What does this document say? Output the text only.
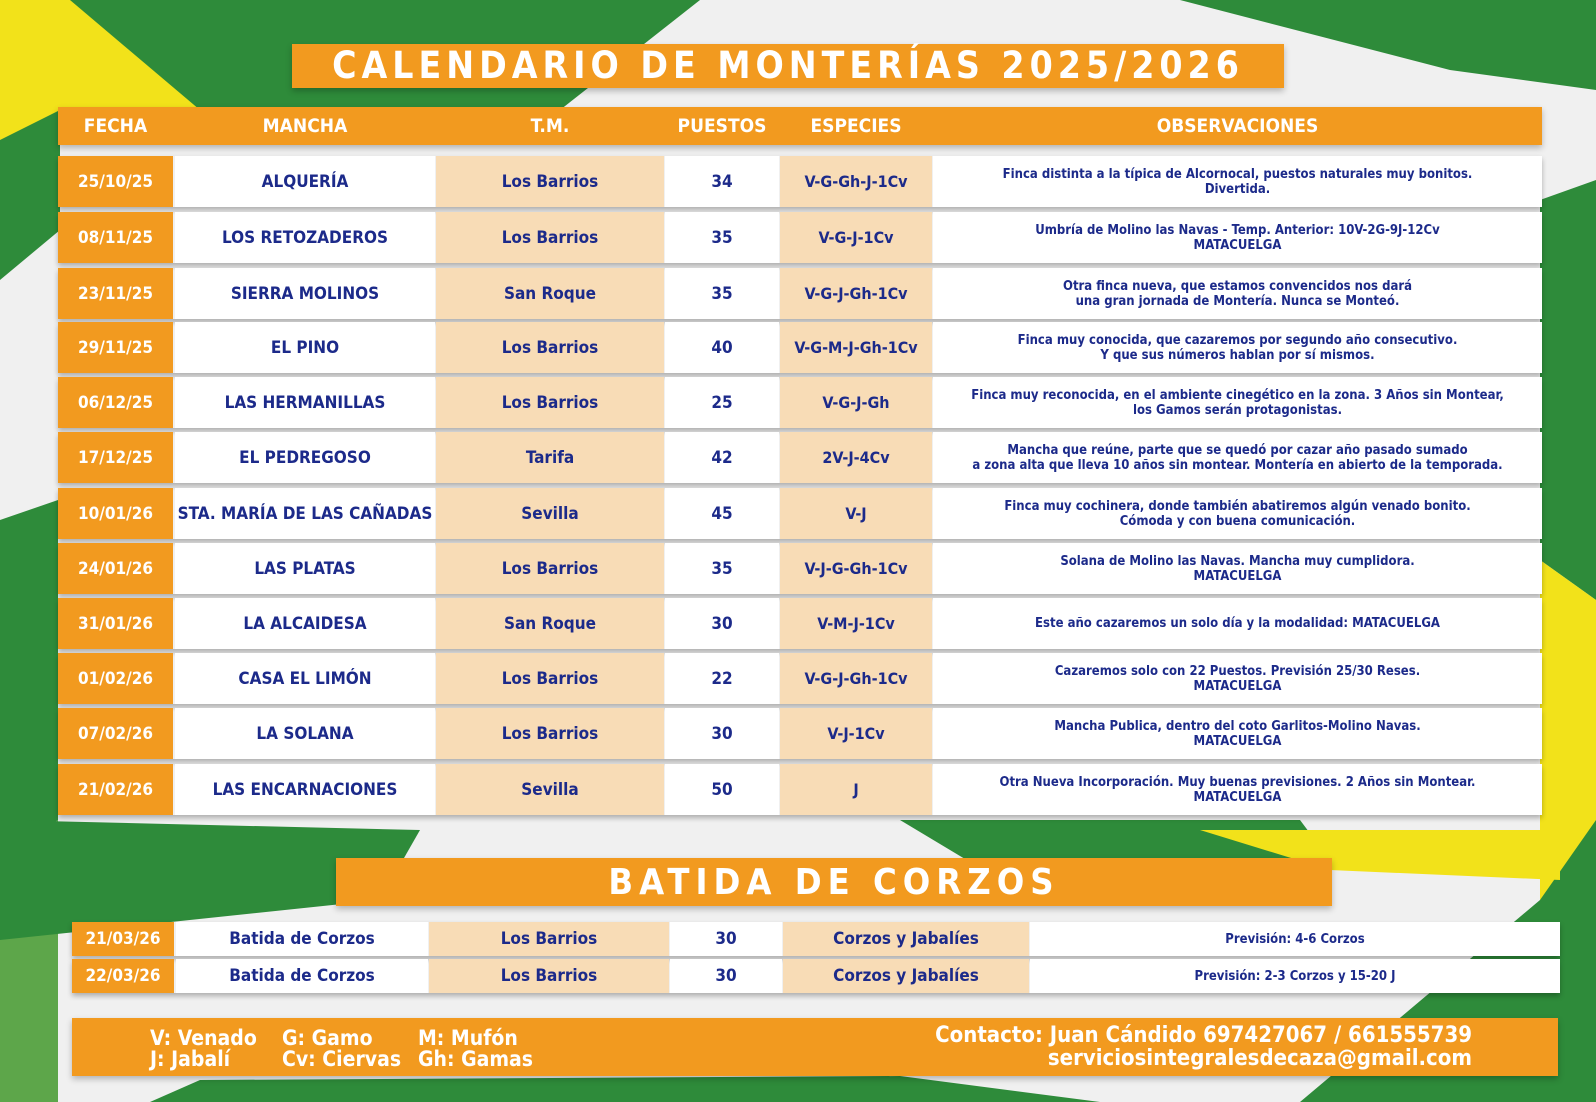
CALENDARIO DE MONTERÍAS 2025/2026
FECHA	MANCHA	T.M.	PUESTOS	ESPECIES	OBSERVACIONES
25/10/25	ALQUERÍA	Los Barrios	34	V-G-Gh-J-1Cv	Finca distinta a la típica de Alcornocal, puestos naturales muy bonitos.
Divertida.
08/11/25	LOS RETOZADEROS	Los Barrios	35	V-G-J-1Cv	Umbría de Molino las Navas - Temp. Anterior: 10V-2G-9J-12Cv
MATACUELGA
23/11/25	SIERRA MOLINOS	San Roque	35	V-G-J-Gh-1Cv	Otra finca nueva, que estamos convencidos nos dará
una gran jornada de Montería. Nunca se Monteó.
29/11/25	EL PINO	Los Barrios	40	V-G-M-J-Gh-1Cv	Finca muy conocida, que cazaremos por segundo año consecutivo.
Y que sus números hablan por sí mismos.
06/12/25	LAS HERMANILLAS	Los Barrios	25	V-G-J-Gh	Finca muy reconocida, en el ambiente cinegético en la zona. 3 Años sin Montear,
los Gamos serán protagonistas.
17/12/25	EL PEDREGOSO	Tarifa	42	2V-J-4Cv	Mancha que reúne, parte que se quedó por cazar año pasado sumado
a zona alta que lleva 10 años sin montear. Montería en abierto de la temporada.
10/01/26	STA. MARÍA DE LAS CAÑADAS	Sevilla	45	V-J	Finca muy cochinera, donde también abatiremos algún venado bonito.
Cómoda y con buena comunicación.
24/01/26	LAS PLATAS	Los Barrios	35	V-J-G-Gh-1Cv	Solana de Molino las Navas. Mancha muy cumplidora.
MATACUELGA
31/01/26	LA ALCAIDESA	San Roque	30	V-M-J-1Cv	Este año cazaremos un solo día y la modalidad: MATACUELGA
01/02/26	CASA EL LIMÓN	Los Barrios	22	V-G-J-Gh-1Cv	Cazaremos solo con 22 Puestos. Previsión 25/30 Reses.
MATACUELGA
07/02/26	LA SOLANA	Los Barrios	30	V-J-1Cv	Mancha Publica, dentro del coto Garlitos-Molino Navas.
MATACUELGA
21/02/26	LAS ENCARNACIONES	Sevilla	50	J	Otra Nueva Incorporación. Muy buenas previsiones. 2 Años sin Montear.
MATACUELGA
BATIDA DE CORZOS
21/03/26	Batida de Corzos	Los Barrios	30	Corzos y Jabalíes	Previsión: 4-6 Corzos
22/03/26	Batida de Corzos	Los Barrios	30	Corzos y Jabalíes	Previsión: 2-3 Corzos y 15-20 J
V: Venado
J: Jabalí
G: Gamo
Cv: Ciervas
M: Mufón
Gh: Gamas
Contacto: Juan Cándido 697427067 / 661555739
serviciosintegralesdecaza@gmail.com
